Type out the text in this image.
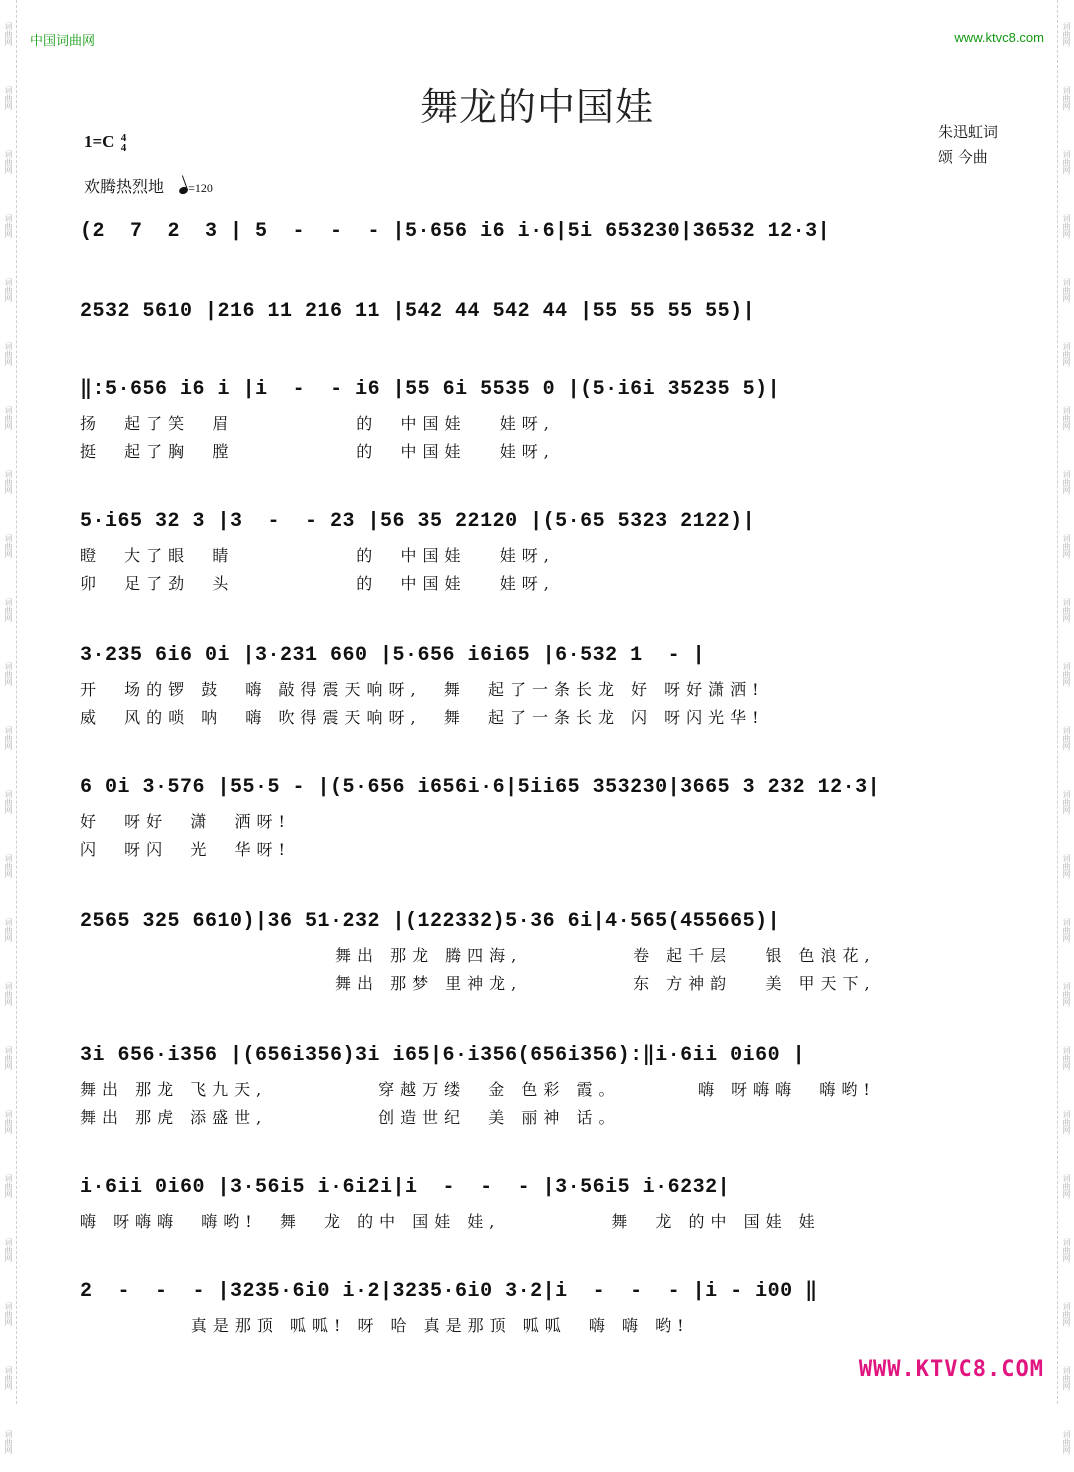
词曲网
词曲网
词曲网
词曲网
词曲网
词曲网
词曲网
词曲网
词曲网
词曲网
词曲网
词曲网
词曲网
词曲网
词曲网
词曲网
词曲网
词曲网
词曲网
词曲网
词曲网
词曲网
词曲网
词曲网
词曲网
词曲网
词曲网
词曲网
词曲网
词曲网
词曲网
词曲网
词曲网
词曲网
词曲网
词曲网
词曲网
词曲网
词曲网
词曲网
词曲网
词曲网
词曲网
词曲网
词曲网
词曲网
中国词曲网	www.ktvc8.com
舞龙的中国娃
1=C 4
4
朱迅虹词
颂 今曲
欢腾热烈地 =120
(2  7  2  3 | 5  -  -  - |5·656 i6 i·6|5i 653230|36532 12·3|
2532 5610 |216 11 216 11 |542 44 542 44 |55 55 55 55)|
‖:5·656 i6 i |i  -  - i6 |55 6i 5535 0 |(5·i6i 35235 5)|
扬  起了笑  眉           的  中国娃   娃呀,
挺  起了胸  膛           的  中国娃   娃呀,
5·i65 32 3 |3  -  - 23 |56 35 22120 |(5·65 5323 2122)|
瞪  大了眼  睛           的  中国娃   娃呀,
卯  足了劲  头           的  中国娃   娃呀,
3·235 6i6 0i |3·231 660 |5·656 i6i65 |6·532 1  - |
开  场的锣 鼓  嗨 敲得震天响呀,  舞  起了一条长龙 好 呀好潇洒!
威  风的唢 呐  嗨 吹得震天响呀,  舞  起了一条长龙 闪 呀闪光华!
6 0i 3·576 |55·5 - |(5·656 i656i·6|5ii65 353230|3665 3 232 12·3|
好  呀好  潇  洒呀!
闪  呀闪  光  华呀!
2565 325 6610)|36 51·232 |(122332)5·36 6i|4·565(455665)|
舞出 那龙 腾四海,          卷 起千层   银 色浪花,
舞出 那梦 里神龙,          东 方神韵   美 甲天下,
3i 656·i356 |(656i356)3i i65|6·i356(656i356):‖i·6ii 0i60 |
舞出 那龙 飞九天,          穿越万缕  金 色彩 霞。       嗨 呀嗨嗨  嗨哟!
舞出 那虎 添盛世,          创造世纪  美 丽神 话。
i·6ii 0i60 |3·56i5 i·6i2i|i  -  -  - |3·56i5 i·6232|
嗨 呀嗨嗨  嗨哟!  舞  龙 的中 国娃 娃,          舞  龙 的中 国娃 娃
2  -  -  - |3235·6i0 i·2|3235·6i0 3·2|i  -  -  - |i - i00 ‖
真是那顶 呱呱! 呀 哈 真是那顶 呱呱  嗨 嗨 哟!
WWW.KTVC8.COM
